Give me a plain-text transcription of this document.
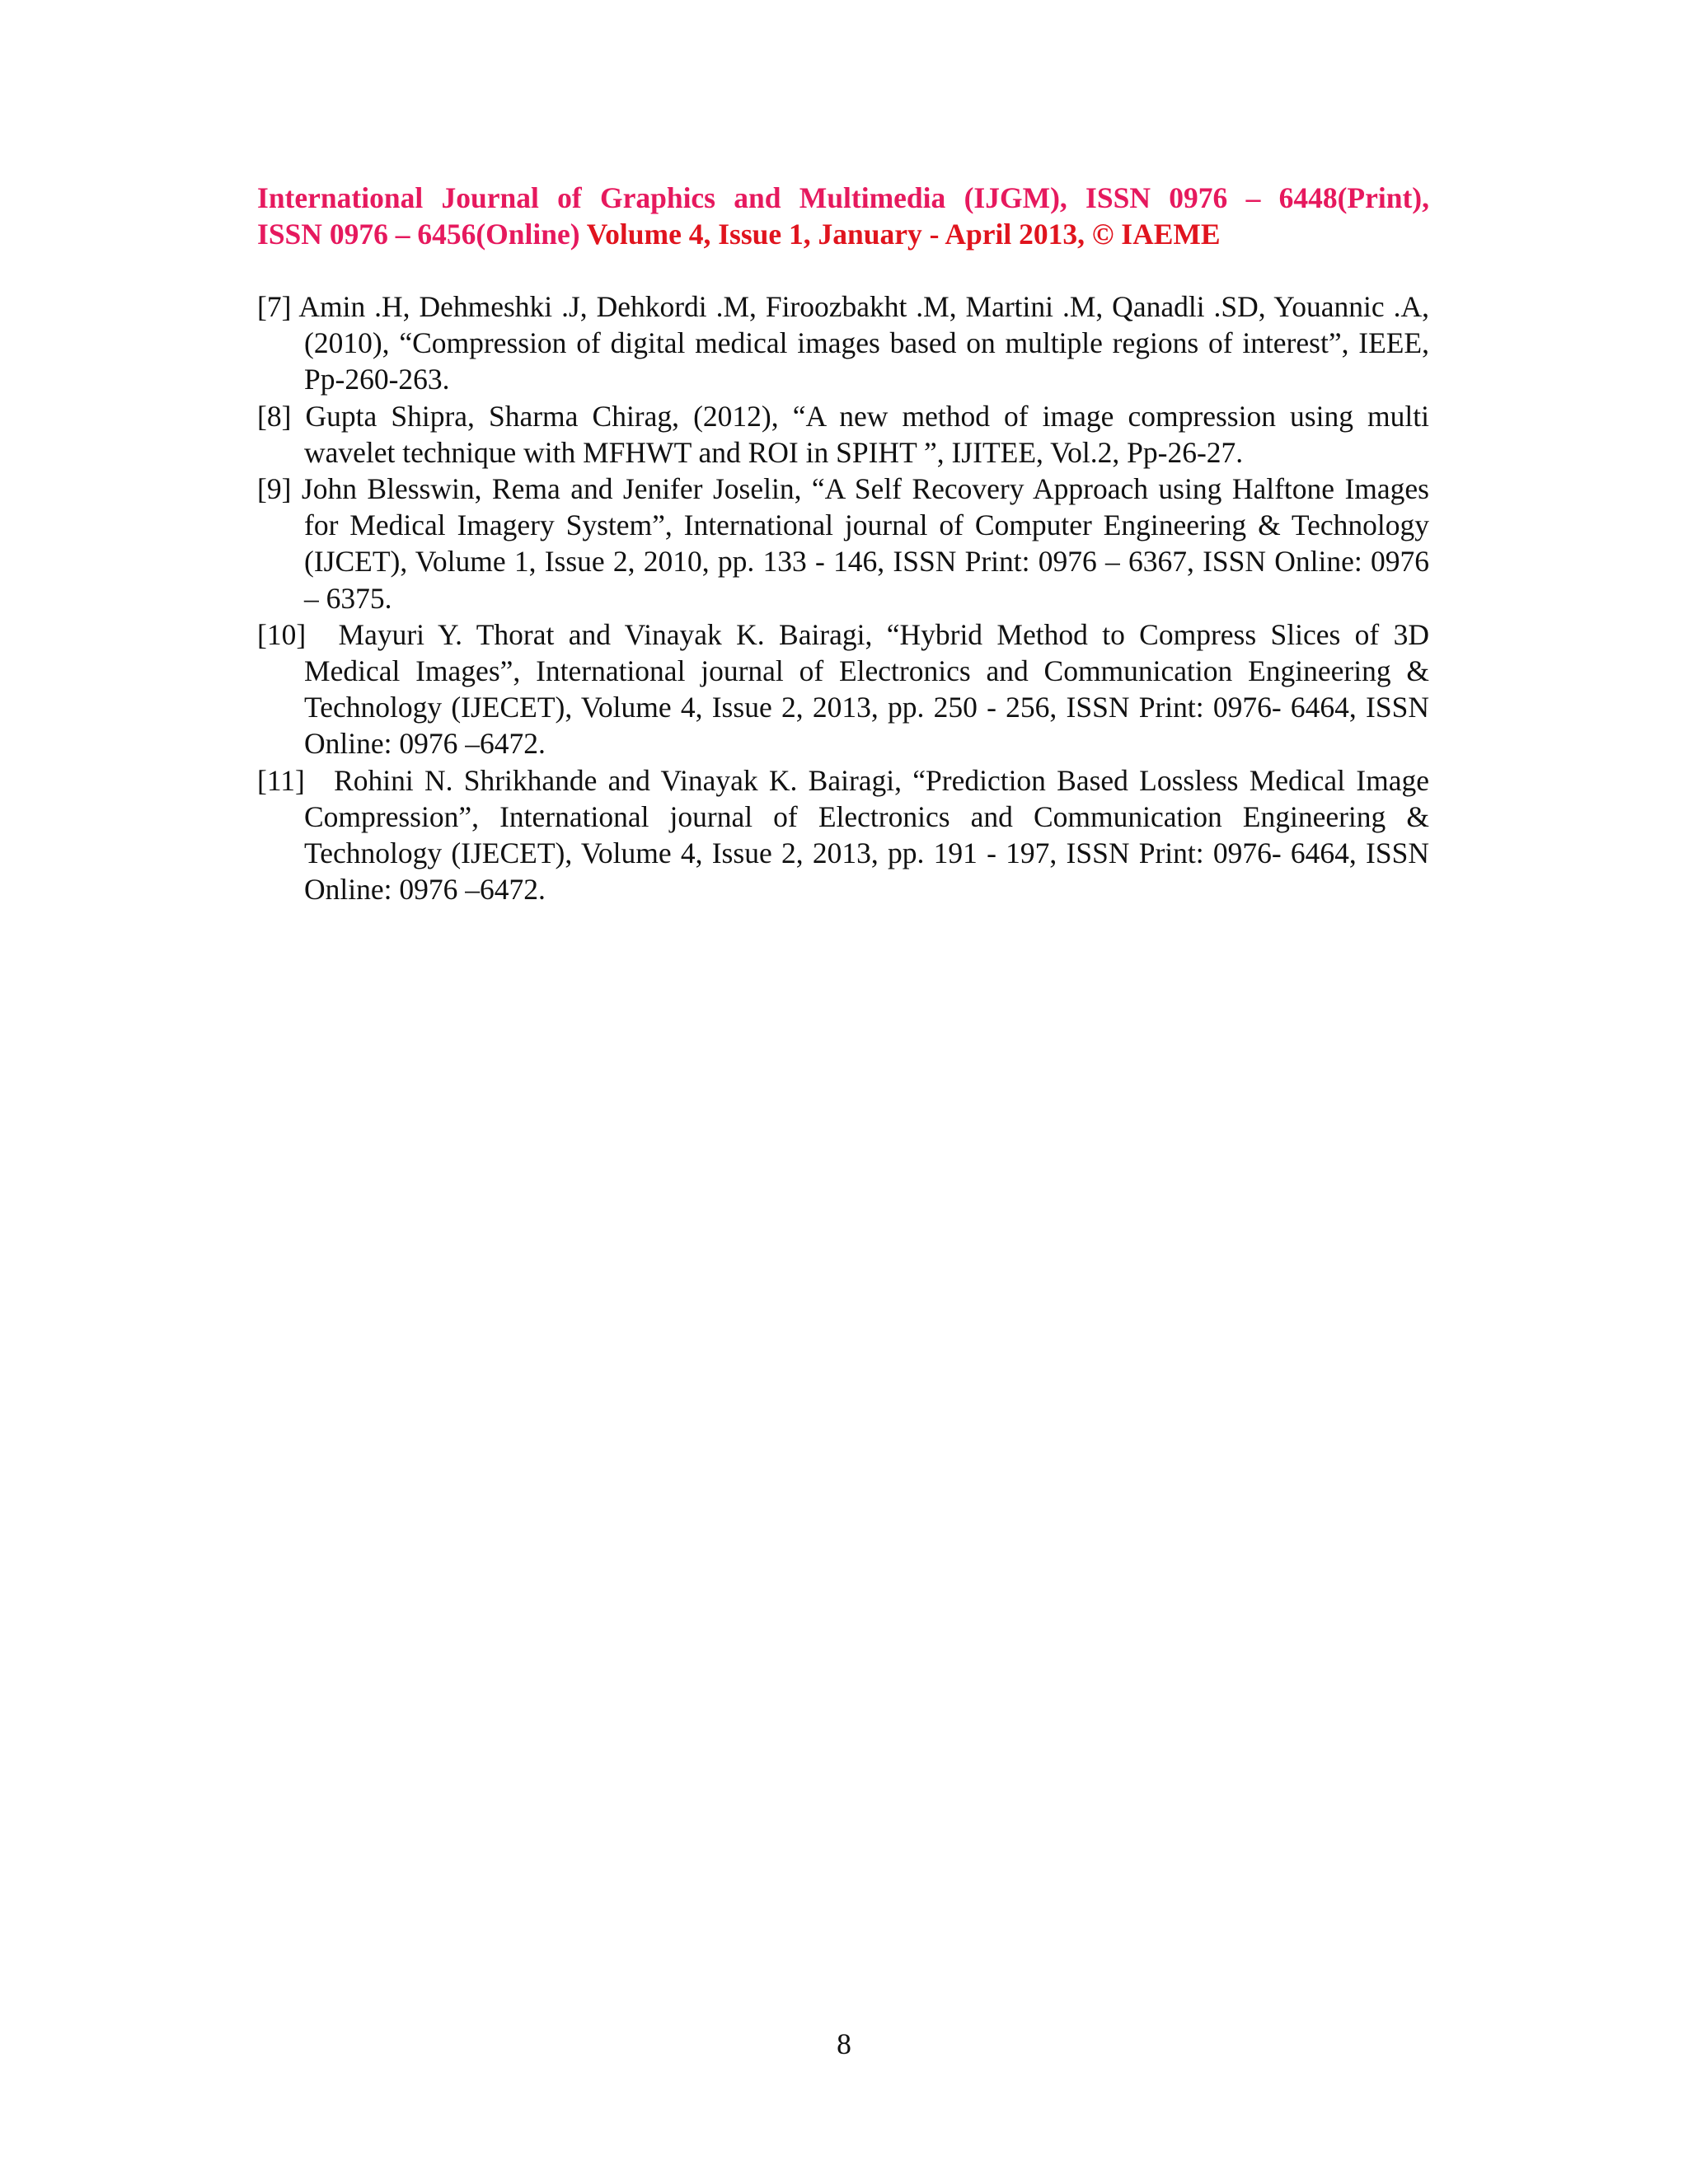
International Journal of Graphics and Multimedia (IJGM), ISSN 0976 – 6448(Print),
ISSN 0976 – 6456(Online) Volume 4, Issue 1, January - April 2013, © IAEME
[7] Amin .H, Dehmeshki .J, Dehkordi .M, Firoozbakht .M, Martini .M, Qanadli .SD, Youannic .A, (2010), “Compression of digital medical images based on multiple regions of interest”, IEEE, Pp-260-263.
[8] Gupta Shipra, Sharma Chirag, (2012), “A new method of image compression using multi wavelet technique with MFHWT and ROI in SPIHT ”, IJITEE, Vol.2, Pp-26-27.
[9] John Blesswin, Rema and Jenifer Joselin, “A Self Recovery Approach using Halftone Images for Medical Imagery System”, International journal of Computer Engineering & Technology (IJCET), Volume 1, Issue 2, 2010, pp. 133 - 146, ISSN Print: 0976 – 6367, ISSN Online: 0976 – 6375.
[10] Mayuri Y. Thorat and Vinayak K. Bairagi, “Hybrid Method to Compress Slices of 3D Medical Images”, International journal of Electronics and Communication Engineering & Technology (IJECET), Volume 4, Issue 2, 2013, pp. 250 - 256, ISSN Print: 0976- 6464, ISSN Online: 0976 –6472.
[11] Rohini N. Shrikhande and Vinayak K. Bairagi, “Prediction Based Lossless Medical Image Compression”, International journal of Electronics and Communication Engineering & Technology (IJECET), Volume 4, Issue 2, 2013, pp. 191 - 197, ISSN Print: 0976- 6464, ISSN Online: 0976 –6472.
8
